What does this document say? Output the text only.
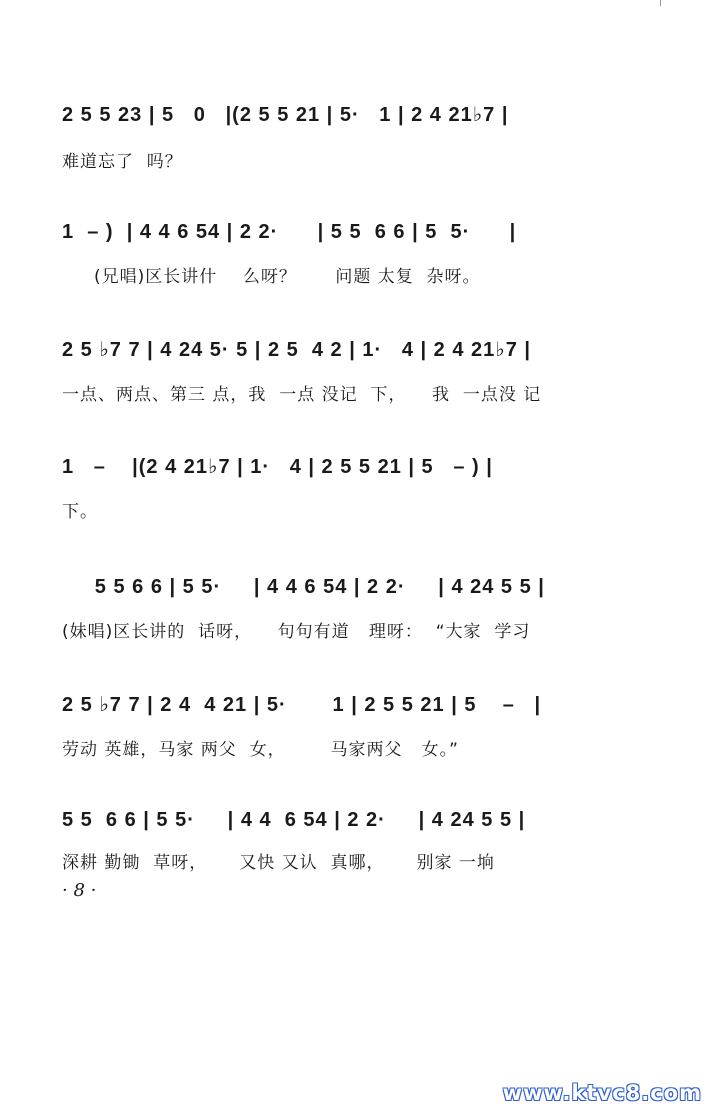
2 5 5 23 | 5   0   |(2 5 5 21 | 5·   1 | 2 4 21♭7 |
难道忘了  吗？
1  – )  | 4 4 6 54 | 2 2·      | 5 5  6 6 | 5  5·      |
(兄唱)区长讲什    么呀？      问题 太复  杂呀。
2 5 ♭7 7 | 4 24 5· 5 | 2 5  4 2 | 1·   4 | 2 4 21♭7 |
一点、两点、第三 点，我  一点 没记  下，    我  一点没 记
1   –    |(2 4 21♭7 | 1·   4 | 2 5 5 21 | 5   – ) |
下。
5 5 6 6 | 5 5·     | 4 4 6 54 | 2 2·     | 4 24 5 5 |
(妹唱)区长讲的  话呀，    句句有道   理呀：  “大家  学习
2 5 ♭7 7 | 2 4  4 21 | 5·       1 | 2 5 5 21 | 5    –   |
劳动 英雄，马家 两父  女，       马家两父   女。”
5 5  6 6 | 5 5·     | 4 4  6 54 | 2 2·     | 4 24 5 5 |
深耕 勤锄  草呀，     又快 又认  真哪，     别家 一垧
· 8 ·
www.ktvc8.com
